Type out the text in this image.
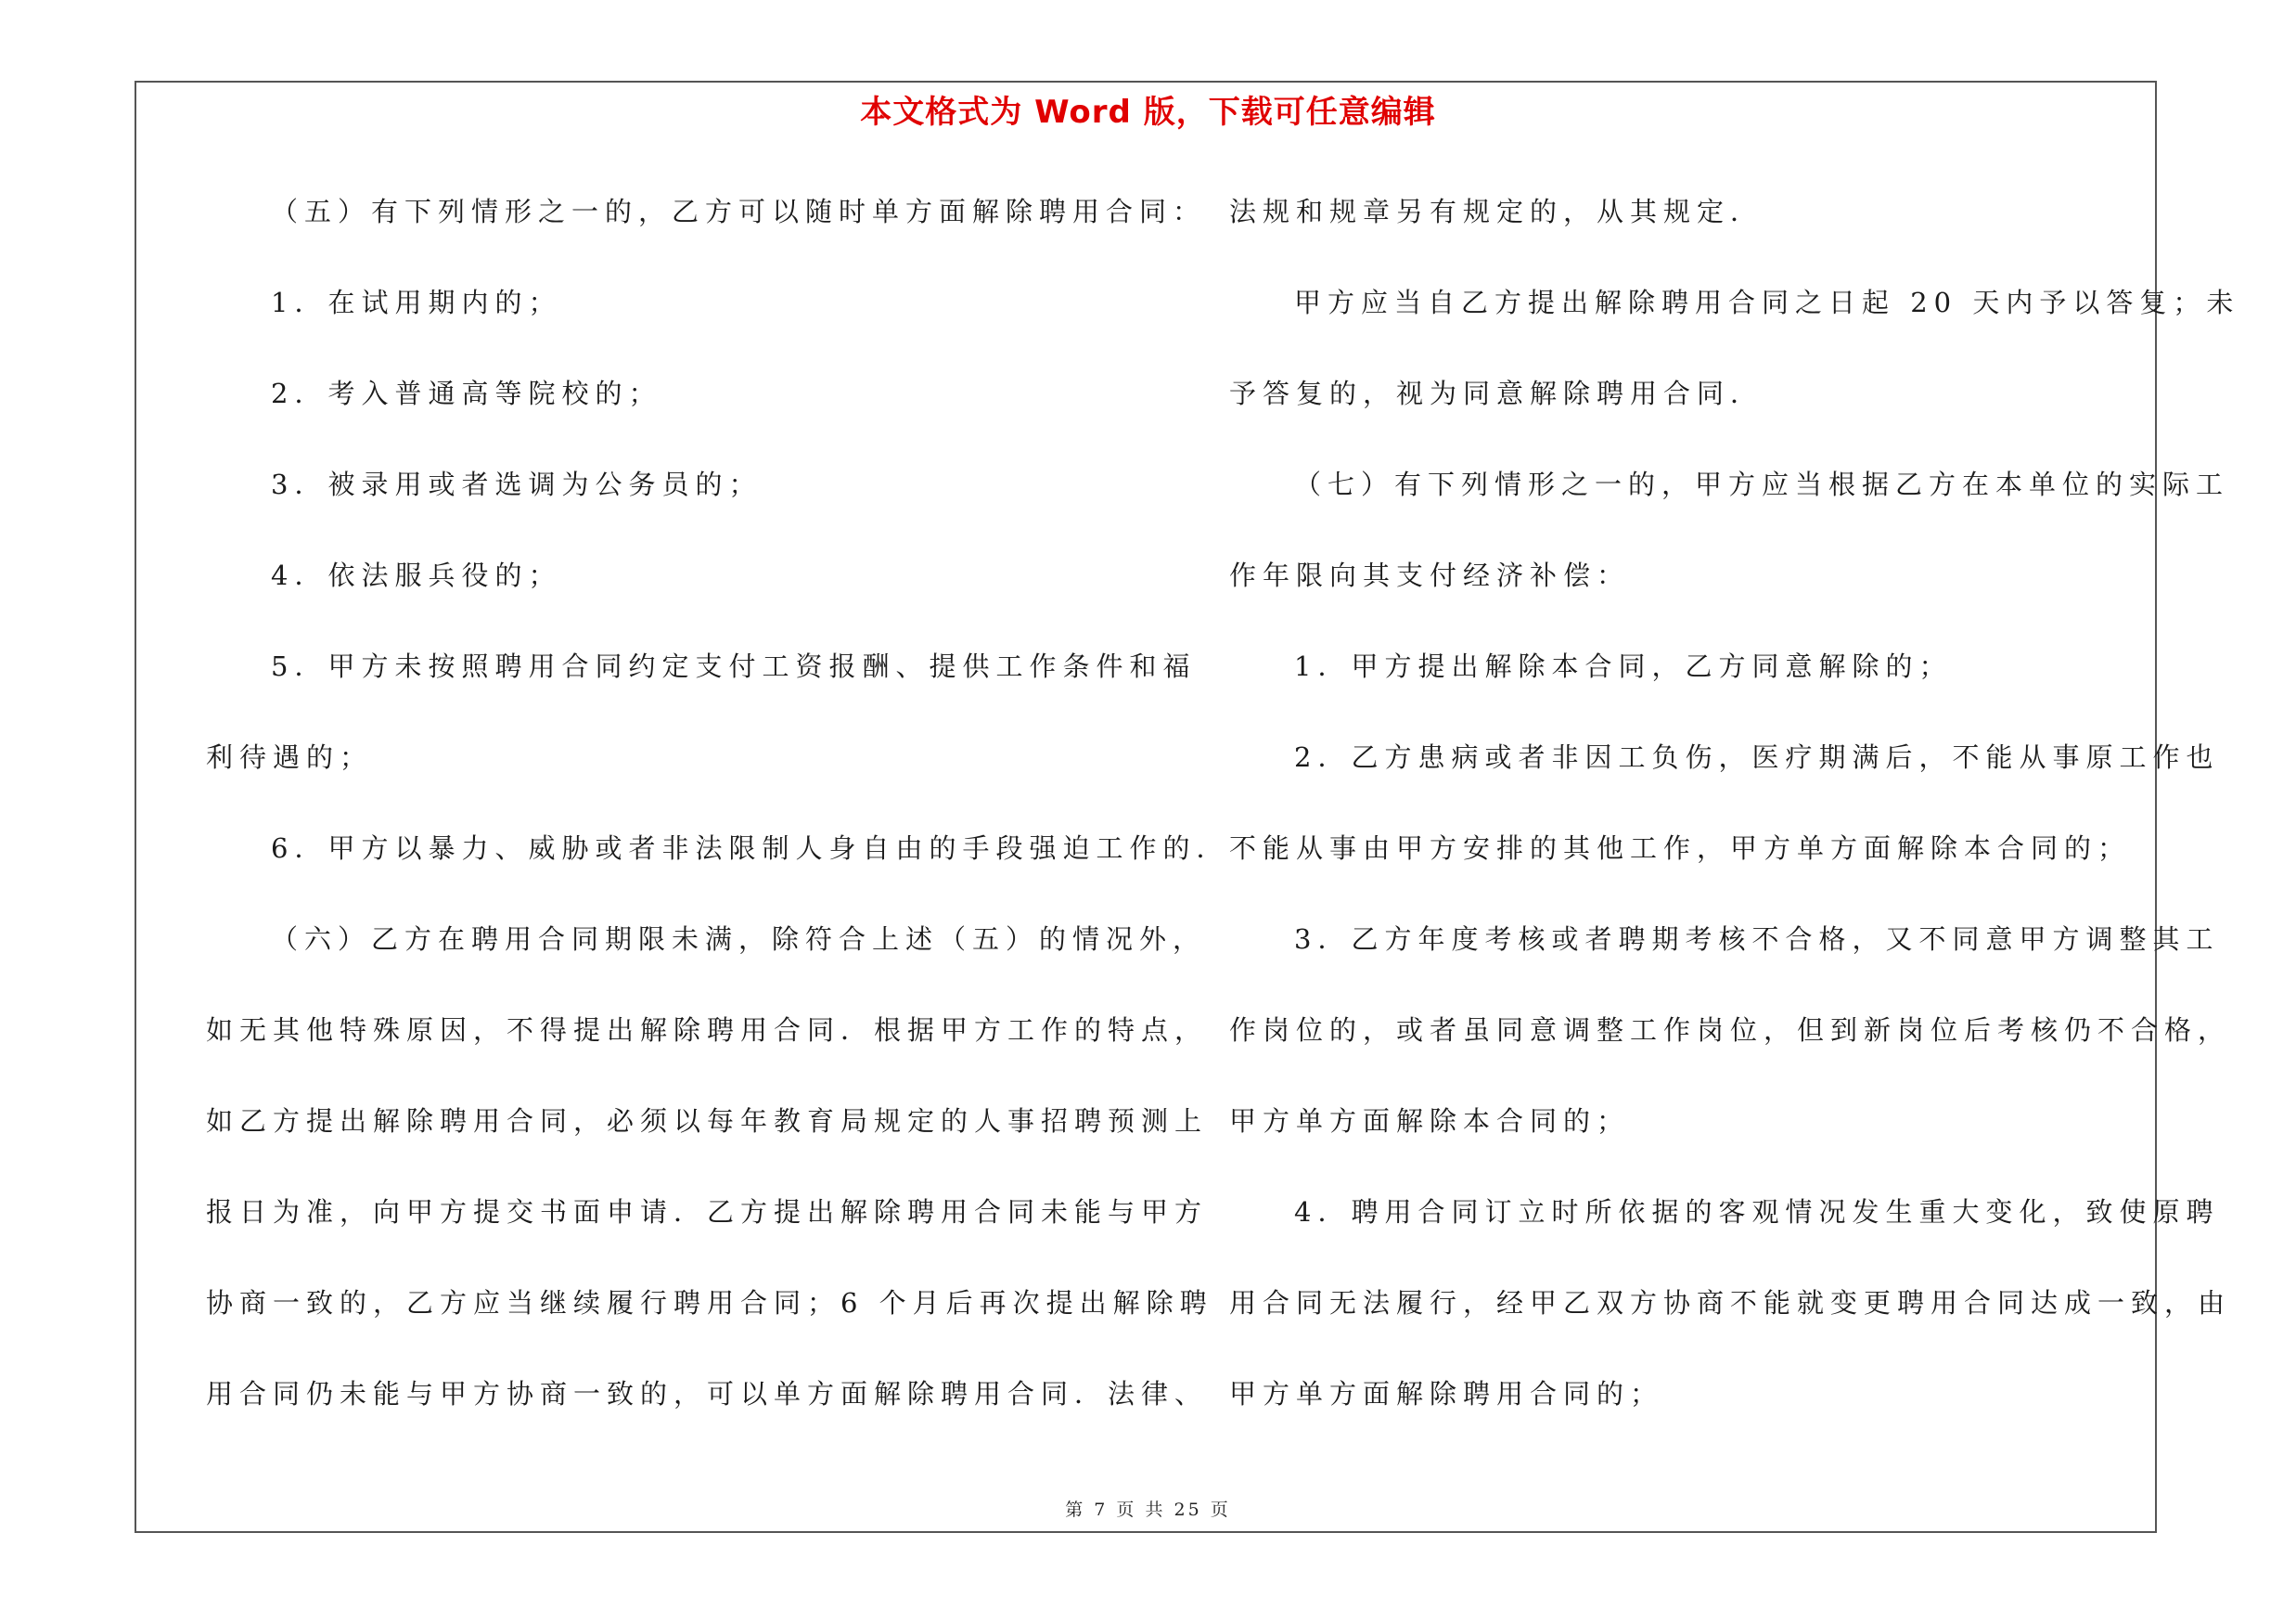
本文格式为 Word 版，下载可任意编辑
（五）有下列情形之一的，乙方可以随时单方面解除聘用合同：
1．在试用期内的；
2．考入普通高等院校的；
3．被录用或者选调为公务员的；
4．依法服兵役的；
5．甲方未按照聘用合同约定支付工资报酬、提供工作条件和福
利待遇的；
6．甲方以暴力、威胁或者非法限制人身自由的手段强迫工作的．
（六）乙方在聘用合同期限未满，除符合上述（五）的情况外，
如无其他特殊原因，不得提出解除聘用合同．根据甲方工作的特点，
如乙方提出解除聘用合同，必须以每年教育局规定的人事招聘预测上
报日为准，向甲方提交书面申请．乙方提出解除聘用合同未能与甲方
协商一致的，乙方应当继续履行聘用合同；6 个月后再次提出解除聘
用合同仍未能与甲方协商一致的，可以单方面解除聘用合同．法律、
法规和规章另有规定的，从其规定．
甲方应当自乙方提出解除聘用合同之日起 20 天内予以答复；未
予答复的，视为同意解除聘用合同．
（七）有下列情形之一的，甲方应当根据乙方在本单位的实际工
作年限向其支付经济补偿：
1．甲方提出解除本合同，乙方同意解除的；
2．乙方患病或者非因工负伤，医疗期满后，不能从事原工作也
不能从事由甲方安排的其他工作，甲方单方面解除本合同的；
3．乙方年度考核或者聘期考核不合格，又不同意甲方调整其工
作岗位的，或者虽同意调整工作岗位，但到新岗位后考核仍不合格，
甲方单方面解除本合同的；
4．聘用合同订立时所依据的客观情况发生重大变化，致使原聘
用合同无法履行，经甲乙双方协商不能就变更聘用合同达成一致，由
甲方单方面解除聘用合同的；
第 7 页 共 25 页
